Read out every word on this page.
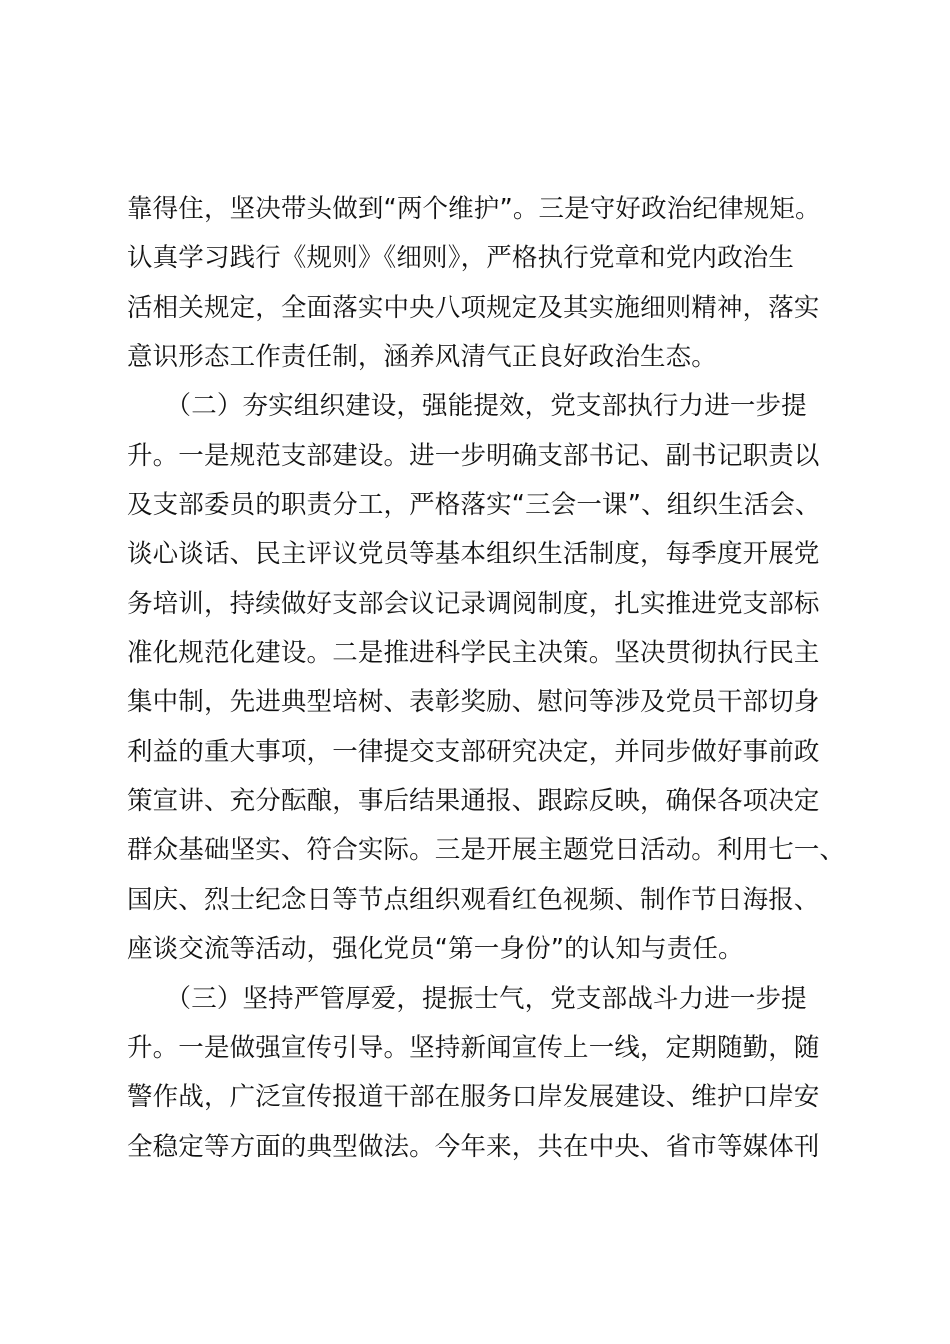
靠得住，坚决带头做到“两个维护”。三是守好政治纪律规矩。
认真学习践行《规则》《细则》，严格执行党章和党内政治生
活相关规定，全面落实中央八项规定及其实施细则精神，落实
意识形态工作责任制，涵养风清气正良好政治生态。
　　（二）夯实组织建设，强能提效，党支部执行力进一步提
升。一是规范支部建设。进一步明确支部书记、副书记职责以
及支部委员的职责分工，严格落实“三会一课”、组织生活会、
谈心谈话、民主评议党员等基本组织生活制度，每季度开展党
务培训，持续做好支部会议记录调阅制度，扎实推进党支部标
准化规范化建设。二是推进科学民主决策。坚决贯彻执行民主
集中制，先进典型培树、表彰奖励、慰问等涉及党员干部切身
利益的重大事项，一律提交支部研究决定，并同步做好事前政
策宣讲、充分酝酿，事后结果通报、跟踪反映，确保各项决定
群众基础坚实、符合实际。三是开展主题党日活动。利用七一、
国庆、烈士纪念日等节点组织观看红色视频、制作节日海报、
座谈交流等活动，强化党员“第一身份”的认知与责任。
　　（三）坚持严管厚爱，提振士气，党支部战斗力进一步提
升。一是做强宣传引导。坚持新闻宣传上一线，定期随勤，随
警作战，广泛宣传报道干部在服务口岸发展建设、维护口岸安
全稳定等方面的典型做法。今年来，共在中央、省市等媒体刊
